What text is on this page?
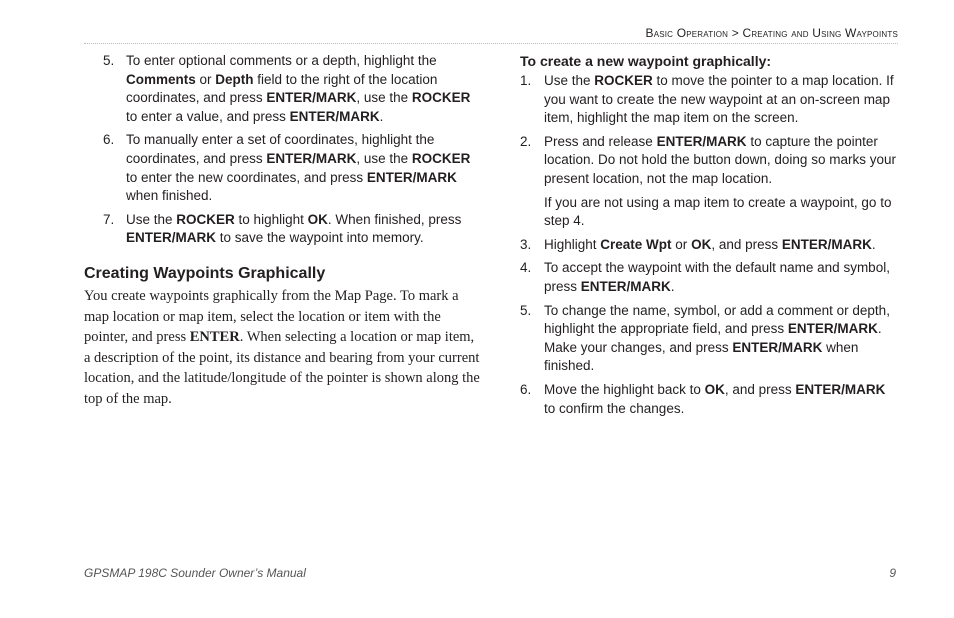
Basic Operation > Creating and Using Waypoints
5. To enter optional comments or a depth, highlight the Comments or Depth field to the right of the location coordinates, and press ENTER/MARK, use the ROCKER to enter a value, and press ENTER/MARK.
6. To manually enter a set of coordinates, highlight the coordinates, and press ENTER/MARK, use the ROCKER to enter the new coordinates, and press ENTER/MARK when finished.
7. Use the ROCKER to highlight OK. When finished, press ENTER/MARK to save the waypoint into memory.
Creating Waypoints Graphically

You create waypoints graphically from the Map Page. To mark a map location or map item, select the location or item with the pointer, and press ENTER. When selecting a location or map item, a description of the point, its distance and bearing from your current location, and the latitude/longitude of the pointer is shown along the top of the map.

To create a new waypoint graphically:
1. Use the ROCKER to move the pointer to a map location. If you want to create the new waypoint at an on-screen map item, highlight the map item on the screen.
2. Press and release ENTER/MARK to capture the pointer location. Do not hold the button down, doing so marks your present location, not the map location.
If you are not using a map item to create a waypoint, go to step 4.
3. Highlight Create Wpt or OK, and press ENTER/MARK.
4. To accept the waypoint with the default name and symbol, press ENTER/MARK.
5. To change the name, symbol, or add a comment or depth, highlight the appropriate field, and press ENTER/MARK. Make your changes, and press ENTER/MARK when finished.
6. Move the highlight back to OK, and press ENTER/MARK to confirm the changes.
GPSMAP 198C Sounder Owner’s Manual	9
